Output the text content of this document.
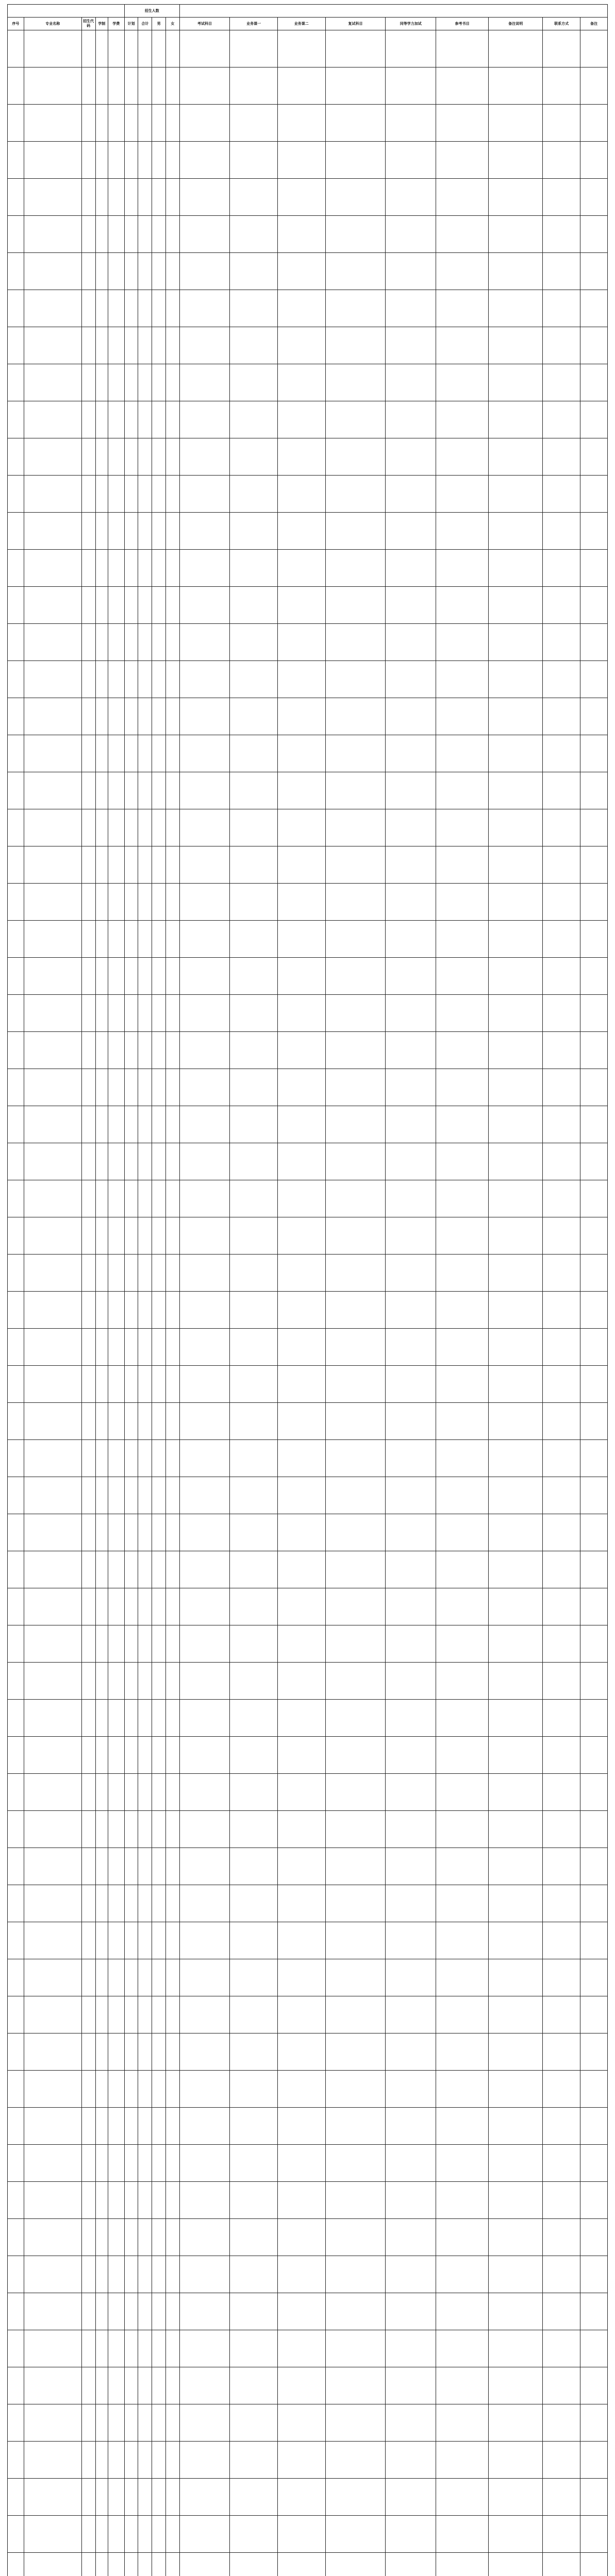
					招生人数												
序号	专业名称	招生代码	学制	学费	计划	合计	男	女	考试科目	业务课一	业务课二	复试科目	同等学力加试	参考书目	备注说明	联系方式	备注
